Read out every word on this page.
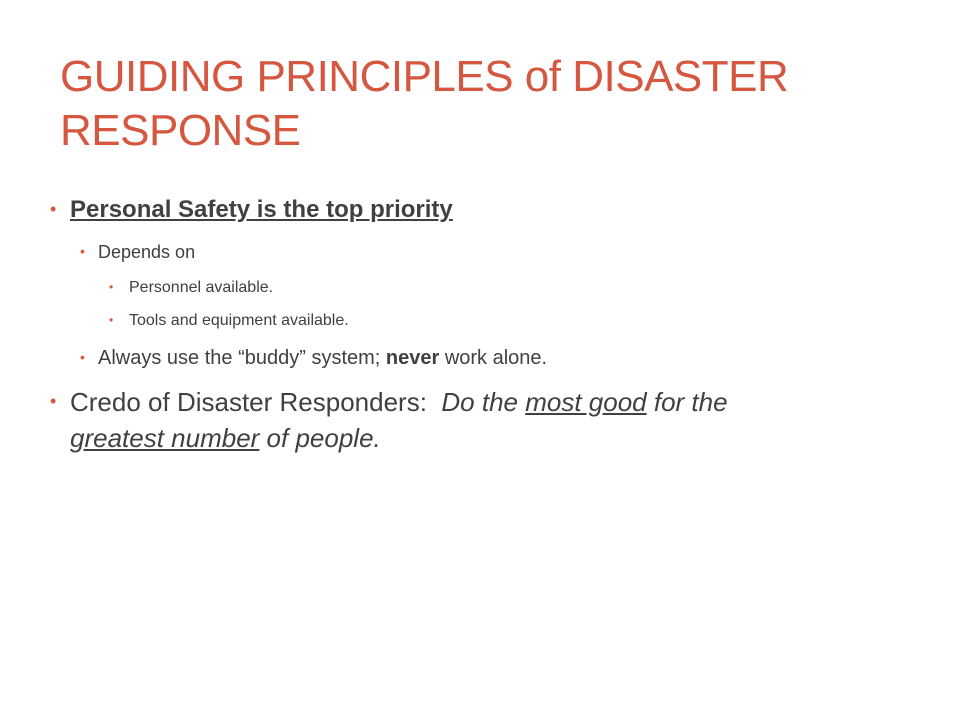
GUIDING PRINCIPLES of DISASTER RESPONSE
• Personal Safety is the top priority
• Depends on
• Personnel available.
• Tools and equipment available.
• Always use the “buddy” system; never work alone.
• Credo of Disaster Responders:  Do the most good for the
greatest number of people.
